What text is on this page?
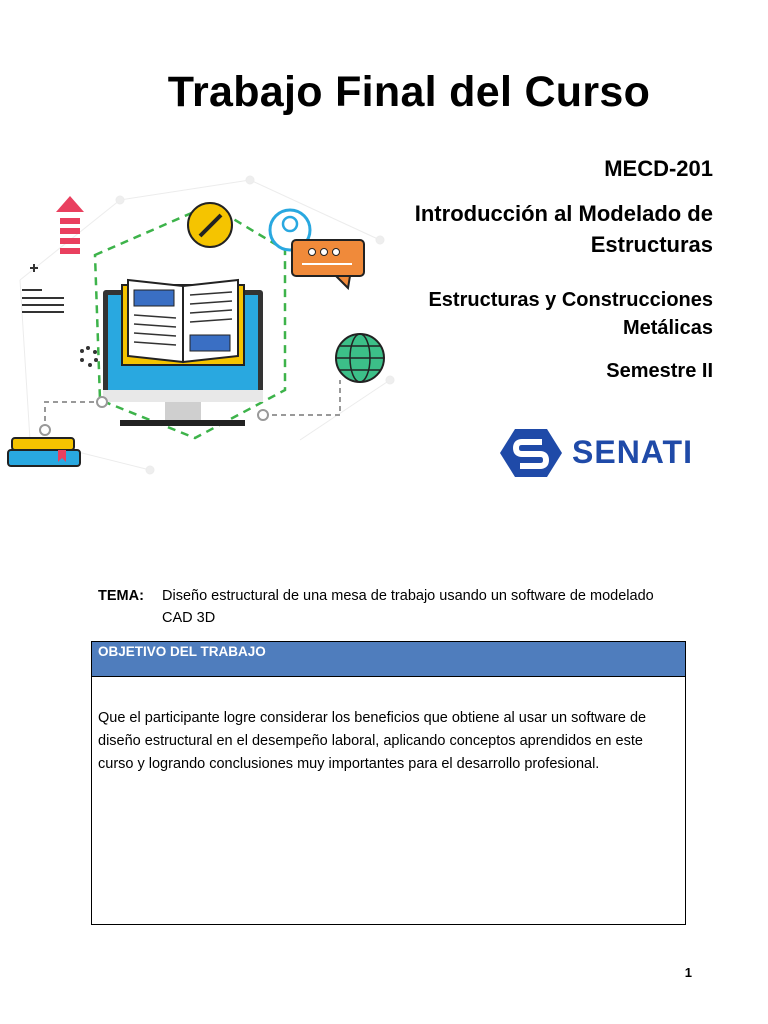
Trabajo Final del Curso
MECD-201
Introducción al Modelado de Estructuras
Estructuras y Construcciones Metálicas
Semestre II
SENATI
TEMA:	Diseño estructural de una mesa de trabajo usando un software de modelado CAD 3D
OBJETIVO DEL TRABAJO
Que el participante logre considerar los beneficios que obtiene al usar un software de diseño estructural en el desempeño laboral, aplicando conceptos aprendidos en este curso y logrando conclusiones muy importantes para el desarrollo profesional.
1
